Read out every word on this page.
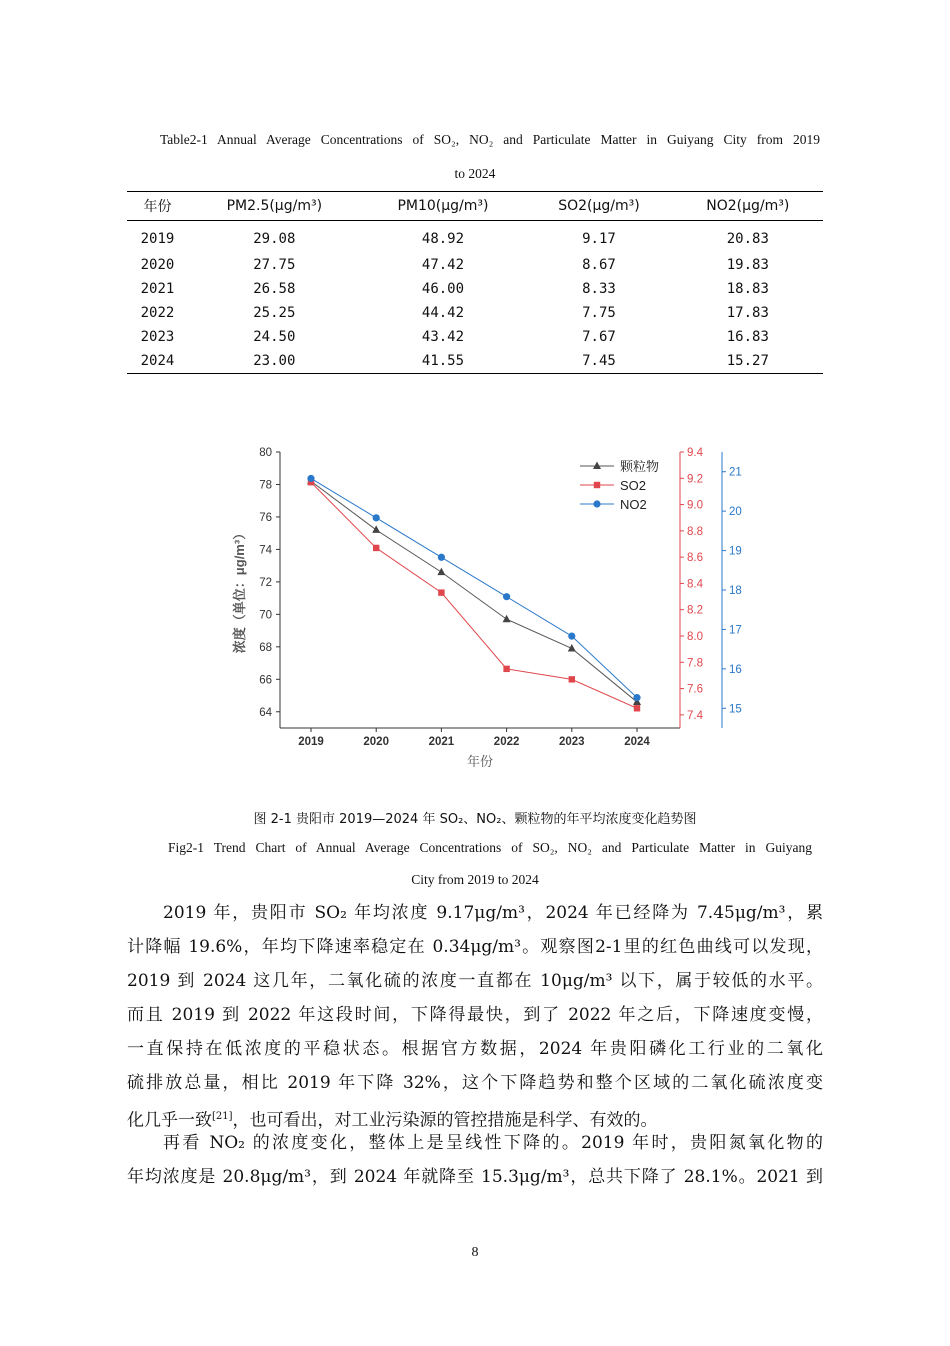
Table2-1 Annual Average Concentrations of SO₂, NO₂ and Particulate Matter in Guiyang City from 2019
to 2024
年份	PM2.5(μg/m³)	PM10(μg/m³)	SO2(μg/m³)	NO2(μg/m³)
2019	29.08	48.92	9.17	20.83
2020	27.75	47.42	8.67	19.83
2021	26.58	46.00	8.33	18.83
2022	25.25	44.42	7.75	17.83
2023	24.50	43.42	7.67	16.83
2024	23.00	41.55	7.45	15.27
64
66
68
70
72
74
76
78
80
7.4
7.6
7.8
8.0
8.2
8.4
8.6
8.8
9.0
9.2
9.4
15
16
17
18
19
20
21
2019	2020	2021	2022	2023	2024
年份
浓度（单位：μg/m³）
颗粒物
SO2
NO2
图 2-1 贵阳市 2019—2024 年 SO₂、NO₂、颗粒物的年平均浓度变化趋势图
Fig2-1 Trend Chart of Annual Average Concentrations of SO₂, NO₂ and Particulate Matter in Guiyang
City from 2019 to 2024
2019 年，贵阳市 SO₂ 年均浓度 9.17μg/m³，2024 年已经降为 7.45μg/m³，累
计降幅 19.6%，年均下降速率稳定在 0.34μg/m³。观察图2-1里的红色曲线可以发现，
2019 到 2024 这几年，二氧化硫的浓度一直都在 10μg/m³ 以下，属于较低的水平。
而且 2019 到 2022 年这段时间，下降得最快，到了 2022 年之后，下降速度变慢，
一直保持在低浓度的平稳状态。根据官方数据，2024 年贵阳磷化工行业的二氧化
硫排放总量，相比 2019 年下降 32%，这个下降趋势和整个区域的二氧化硫浓度变
化几乎一致[21]，也可看出，对工业污染源的管控措施是科学、有效的。
再看 NO₂ 的浓度变化，整体上是呈线性下降的。2019 年时，贵阳氮氧化物的
年均浓度是 20.8μg/m³，到 2024 年就降至 15.3μg/m³，总共下降了 28.1%。2021 到
8
